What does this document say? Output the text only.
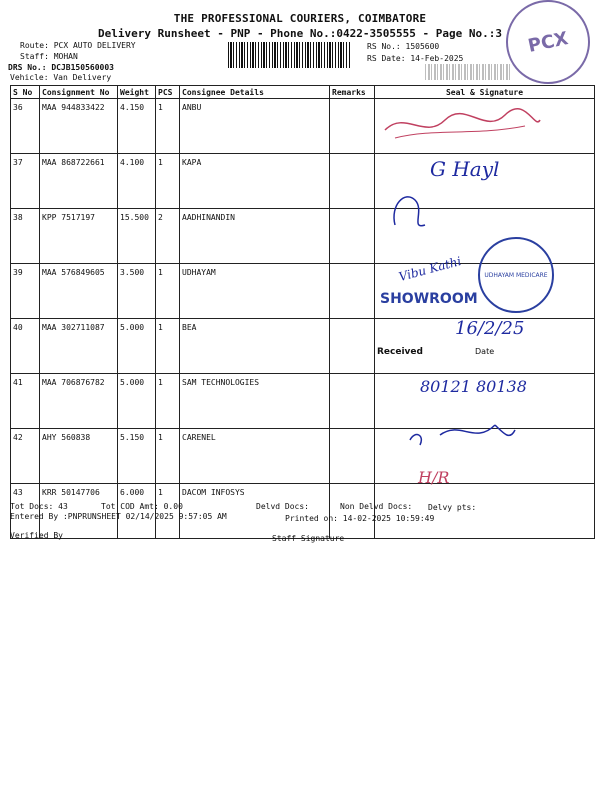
THE PROFESSIONAL COURIERS, COIMBATORE
Delivery Runsheet - PNP - Phone No.:0422-3505555 - Page No.:3
Route: PCX AUTO DELIVERY
Staff: MOHAN
DRS No.: DCJB150560003
Vehicle: Van Delivery
RS No.: 1505600
RS Date: 14-Feb-2025
PCX
S No	Consignment No	Weight	PCS	Consignee Details	Remarks	Seal & Signature
36	MAA 944833422	4.150	1	ANBU		
37	MAA 868722661	4.100	1	KAPA		
38	KPP 7517197	15.500	2	AADHINANDIN		
39	MAA 576849605	3.500	1	UDHAYAM		
40	MAA 302711087	5.000	1	BEA		
41	MAA 706876782	5.000	1	SAM TECHNOLOGIES		
42	AHY 560838	5.150	1	CARENEL		
43	KRR 50147706	6.000	1	DACOM INFOSYS		
G Hayl
UDHAYAM MEDICARE
Vibu Kathi
SHOWROOM
16/2/25
Received	Date
80121 80138
H/R
Tot Docs: 43	Tot COD Amt: 0.00	Delvd Docs:	Non Delvd Docs: Delvy pts:
Entered By :PNPRUNSHEET 02/14/2025 9:57:05 AM	Printed on: 14-02-2025 10:59:49
Verified By	Staff Signature
